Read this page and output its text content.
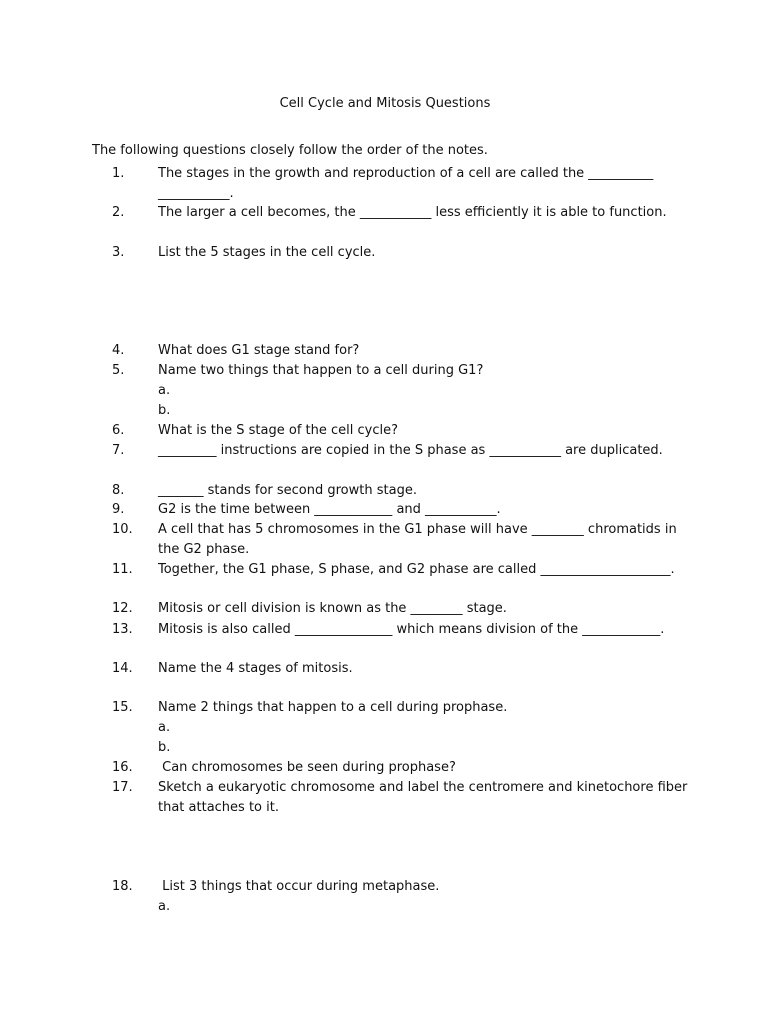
Cell Cycle and Mitosis Questions
The following questions closely follow the order of the notes.
1.	The stages in the growth and reproduction of a cell are called the __________ ___________.
2.	The larger a cell becomes, the ___________ less efficiently it is able to function.
3.	List the 5 stages in the cell cycle.
4.	What does G1 stage stand for?
5.	Name two things that happen to a cell during G1?
a.
b.
6.	What is the S stage of the cell cycle?
7.	_________ instructions are copied in the S phase as ___________ are duplicated.
8.	_______ stands for second growth stage.
9.	G2 is the time between ____________ and ___________.
10.	A cell that has 5 chromosomes in the G1 phase will have ________ chromatids in the G2 phase.
11.	Together, the G1 phase, S phase, and G2 phase are called ____________________.
12.	Mitosis or cell division is known as the ________ stage.
13.	Mitosis is also called _______________ which means division of the ____________.
14.	Name the 4 stages of mitosis.
15.	Name 2 things that happen to a cell during prophase.
a.
b.
16.	Can chromosomes be seen during prophase?
17.	Sketch a eukaryotic chromosome and label the centromere and kinetochore fiber that attaches to it.
18.	List 3 things that occur during metaphase.
a.
